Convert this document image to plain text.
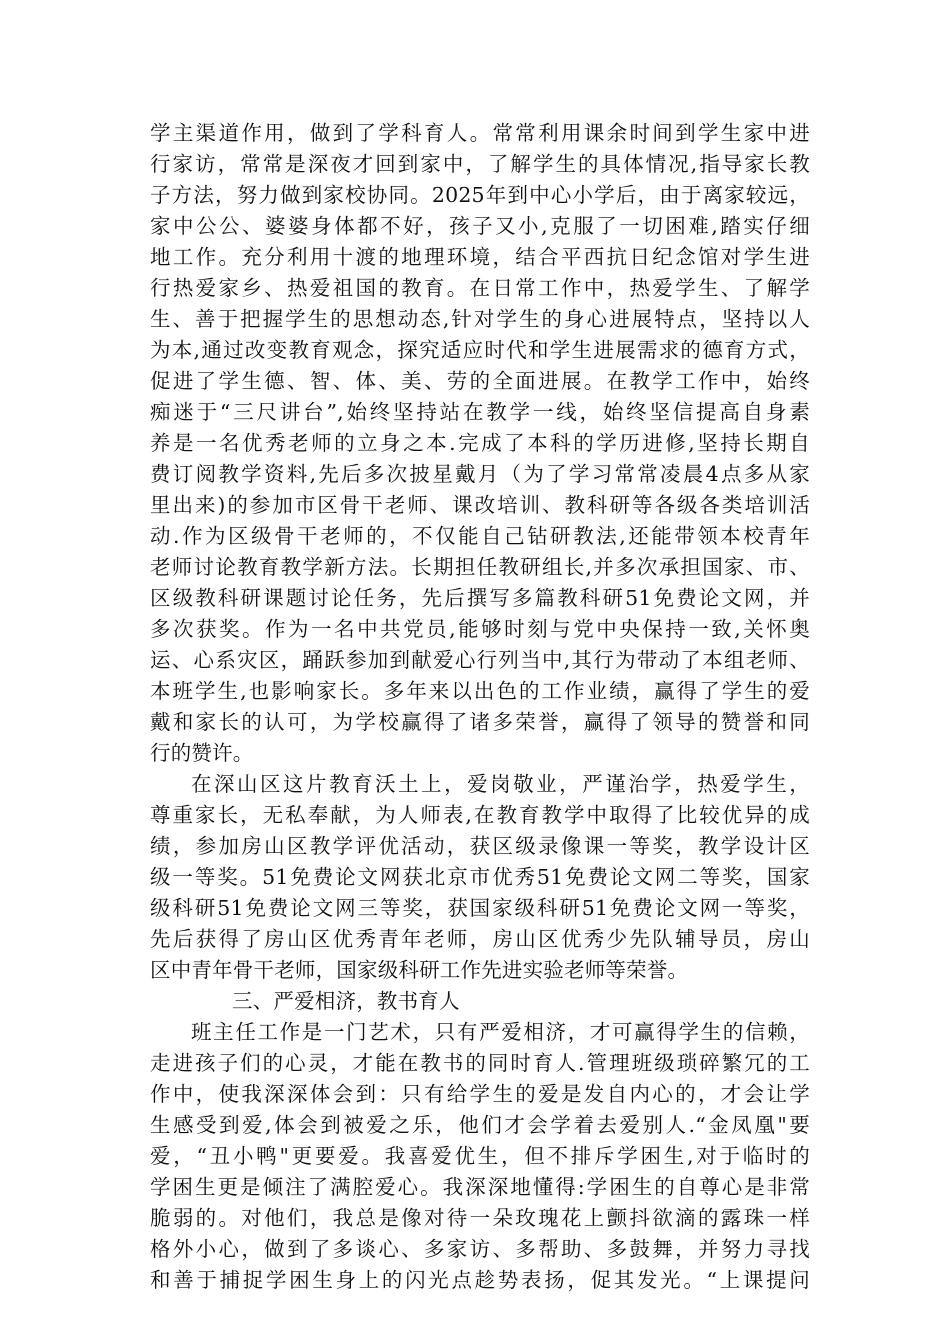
学主渠道作用，做到了学科育人。常常利用课余时间到学生家中进
行家访，常常是深夜才回到家中，了解学生的具体情况,指导家长教
子方法，努力做到家校协同。2025年到中心小学后，由于离家较远，
家中公公、婆婆身体都不好，孩子又小,克服了一切困难,踏实仔细
地工作。充分利用十渡的地理环境，结合平西抗日纪念馆对学生进
行热爱家乡、热爱祖国的教育。在日常工作中，热爱学生、了解学
生、善于把握学生的思想动态,针对学生的身心进展特点，坚持以人
为本,通过改变教育观念，探究适应时代和学生进展需求的德育方式，
促进了学生德、智、体、美、劳的全面进展。在教学工作中，始终
痴迷于“三尺讲台”,始终坚持站在教学一线，始终坚信提高自身素
养是一名优秀老师的立身之本.完成了本科的学历进修,坚持长期自
费订阅教学资料,先后多次披星戴月（为了学习常常凌晨4点多从家
里出来)的参加市区骨干老师、课改培训、教科研等各级各类培训活
动.作为区级骨干老师的，不仅能自己钻研教法,还能带领本校青年
老师讨论教育教学新方法。长期担任教研组长,并多次承担国家、市、
区级教科研课题讨论任务，先后撰写多篇教科研51免费论文网，并
多次获奖。作为一名中共党员,能够时刻与党中央保持一致,关怀奥
运、心系灾区，踊跃参加到献爱心行列当中,其行为带动了本组老师、
本班学生,也影响家长。多年来以出色的工作业绩，赢得了学生的爱
戴和家长的认可，为学校赢得了诸多荣誉，赢得了领导的赞誉和同
行的赞许。
在深山区这片教育沃土上，爱岗敬业，严谨治学，热爱学生，
尊重家长，无私奉献，为人师表,在教育教学中取得了比较优异的成
绩，参加房山区教学评优活动，获区级录像课一等奖，教学设计区
级一等奖。51免费论文网获北京市优秀51免费论文网二等奖，国家
级科研51免费论文网三等奖，获国家级科研51免费论文网一等奖，
先后获得了房山区优秀青年老师，房山区优秀少先队辅导员，房山
区中青年骨干老师，国家级科研工作先进实验老师等荣誉。
三、严爱相济，教书育人
班主任工作是一门艺术，只有严爱相济，才可赢得学生的信赖，
走进孩子们的心灵，才能在教书的同时育人.管理班级琐碎繁冗的工
作中，使我深深体会到：只有给学生的爱是发自内心的，才会让学
生感受到爱,体会到被爱之乐，他们才会学着去爱别人.“金凤凰"要
爱，“丑小鸭"更要爱。我喜爱优生，但不排斥学困生,对于临时的
学困生更是倾注了满腔爱心。我深深地懂得:学困生的自尊心是非常
脆弱的。对他们，我总是像对待一朵玫瑰花上颤抖欲滴的露珠一样
格外小心，做到了多谈心、多家访、多帮助、多鼓舞，并努力寻找
和善于捕捉学困生身上的闪光点趁势表扬，促其发光。“上课提问
